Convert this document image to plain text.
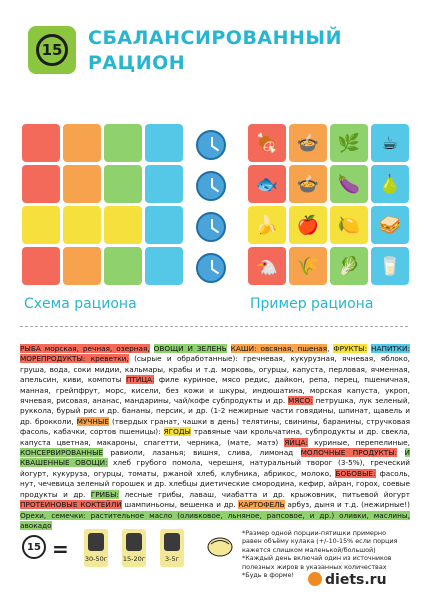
15
СБАЛАНСИРОВАННЫЙ
РАЦИОН
🍖 🍲 🌿 ☕
🐟 🍲 🍆 🍐
🍌 🍎 🍋 🥪
🐔 🌾 🥬 🥛
Схема рациона	Пример рациона
РЫБА морская, речная, озерная, ОВОЩИ И ЗЕЛЕНЬ КАШИ: овсяная, пшеная, ФРУКТЫ: НАПИТКИ: МОРЕПРОДУКТЫ: креветки, (сырые и обработанные): гречневая, кукурузная, ячневая, яблоко, груша, вода, соки мидии, кальмары, крабы и т.д. морковь, огурцы, капуста, перловая, ячменная, апельсин, киви, компоты ПТИЦА: филе куриное, мясо редис, дайкон, репа, перец, пшеничная, манная, грейпфрут, морс, кисели, без кожи и шкуры, индюшатина, морская капуста, укроп, ячневая, рисовая, ананас, мандарины, чай/кофе субпродукты и др. МЯСО: петрушка, лук зеленый, руккола, бурый рис и др. бананы, персик, и др. (1-2 нежирные части говядины, шпинат, щавель и др. брокколи, МУЧНЫЕ (твердых гранат, чашки в день) телятины, свинины, баранины, стручковая фасоль, кабачки, сортов пшеницы): ЯГОДЫ травяные чаи крольчатина, субпродукты и др. свекла, капуста цветная, макароны, спагетти, черника, (мате, матэ) ЯЙЦА: куриные, перепелиные, КОНСЕРВИРОВАННЫЕ равиоли, лазанья; вишня, слива, лимонад МОЛОЧНЫЕ ПРОДУКТЫ: И КВАШЕННЫЕ ОВОЩИ: хлеб грубого помола, черешня, натуральный творог (3-5%), греческий йогурт, кукуруза, огурцы, томаты, ржаной хлеб, клубника, абрикос, молоко, БОБОВЫЕ: фасоль, нут, чечевица зеленый горошек и др. хлебцы диетические смородина, кефир, айран, горох, соевые продукты и др. ГРИБЫ: лесные грибы, лаваш, чиабатта и др. крыжовник, питьевой йогурт ПРОТЕИНОВЫЕ КОКТЕЙЛИ шампиньоны, вешенка и др. КАРТОФЕЛЬ арбуз, дыня и т.д. (нежирные!) Орехи, семечки: растительное масло (оливковое, льняное, рапсовое, и др.) оливки, маслины, авокадо
15 =	30-50г	15-20г	3-5г
*Размер одной порции-пятишки примерно равен объёму кулака (+/-10-15% если порция кажется слишком маленькой/большой) *Каждый день включай один из источников полезных жиров в указанных количествах *Будь в форме!	diets.ru
